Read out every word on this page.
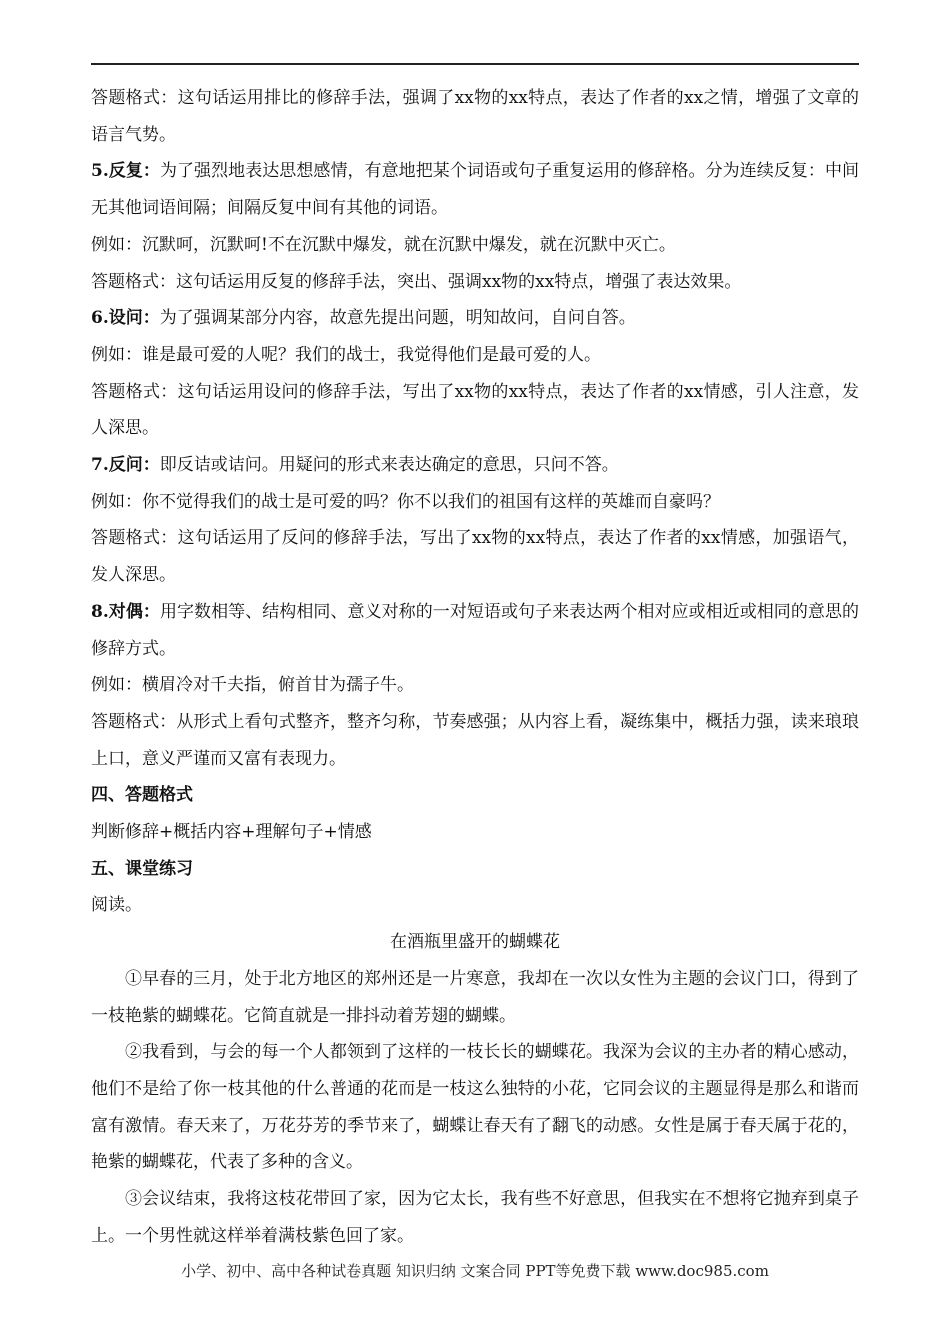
答题格式：这句话运用排比的修辞手法，强调了xx物的xx特点，表达了作者的xx之情，增强了文章的语言气势。

5.反复：为了强烈地表达思想感情，有意地把某个词语或句子重复运用的修辞格。分为连续反复：中间无其他词语间隔；间隔反复中间有其他的词语。

例如：沉默呵，沉默呵!不在沉默中爆发，就在沉默中爆发，就在沉默中灭亡。

答题格式：这句话运用反复的修辞手法，突出、强调xx物的xx特点，增强了表达效果。

6.设问：为了强调某部分内容，故意先提出问题，明知故问，自问自答。

例如：谁是最可爱的人呢？我们的战士，我觉得他们是最可爱的人。

答题格式：这句话运用设问的修辞手法，写出了xx物的xx特点，表达了作者的xx情感，引人注意，发人深思。

7.反问：即反诘或诘问。用疑问的形式来表达确定的意思，只问不答。

例如：你不觉得我们的战士是可爱的吗？你不以我们的祖国有这样的英雄而自豪吗？

答题格式：这句话运用了反问的修辞手法，写出了xx物的xx特点，表达了作者的xx情感，加强语气，发人深思。

8.对偶：用字数相等、结构相同、意义对称的一对短语或句子来表达两个相对应或相近或相同的意思的修辞方式。

例如：横眉冷对千夫指，俯首甘为孺子牛。

答题格式：从形式上看句式整齐，整齐匀称，节奏感强；从内容上看，凝练集中，概括力强，读来琅琅上口，意义严谨而又富有表现力。

四、答题格式

判断修辞+概括内容+理解句子+情感

五、课堂练习

阅读。

在酒瓶里盛开的蝴蝶花

①早春的三月，处于北方地区的郑州还是一片寒意，我却在一次以女性为主题的会议门口，得到了一枝艳紫的蝴蝶花。它简直就是一排抖动着芳翅的蝴蝶。

②我看到，与会的每一个人都领到了这样的一枝长长的蝴蝶花。我深为会议的主办者的精心感动，他们不是给了你一枝其他的什么普通的花而是一枝这么独特的小花，它同会议的主题显得是那么和谐而富有激情。春天来了，万花芬芳的季节来了，蝴蝶让春天有了翻飞的动感。女性是属于春天属于花的，艳紫的蝴蝶花，代表了多种的含义。

③会议结束，我将这枝花带回了家，因为它太长，我有些不好意思，但我实在不想将它抛弃到桌子上。一个男性就这样举着满枝紫色回了家。

小学、初中、高中各种试卷真题 知识归纳 文案合同 PPT等免费下载 www.doc985.com
